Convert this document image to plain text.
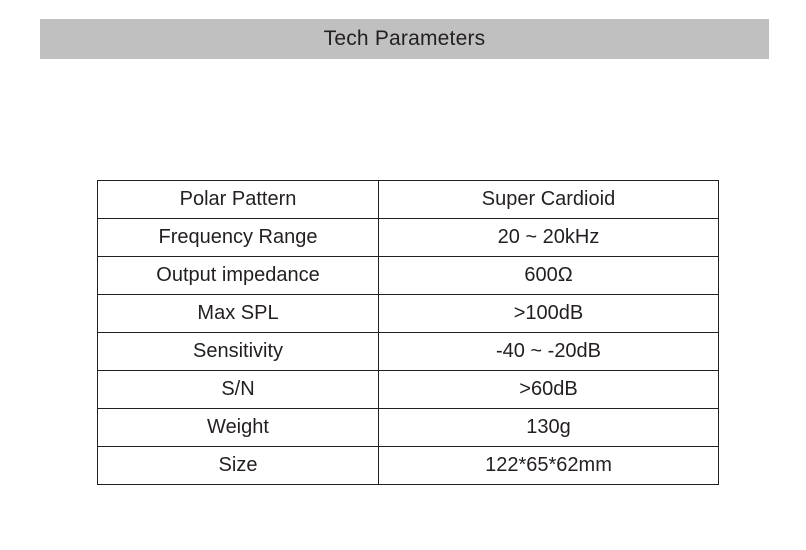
Tech Parameters
Polar Pattern	Super Cardioid
Frequency Range	20 ~ 20kHz
Output impedance	600Ω
Max SPL	>100dB
Sensitivity	-40 ~ -20dB
S/N	>60dB
Weight	130g
Size	122*65*62mm
